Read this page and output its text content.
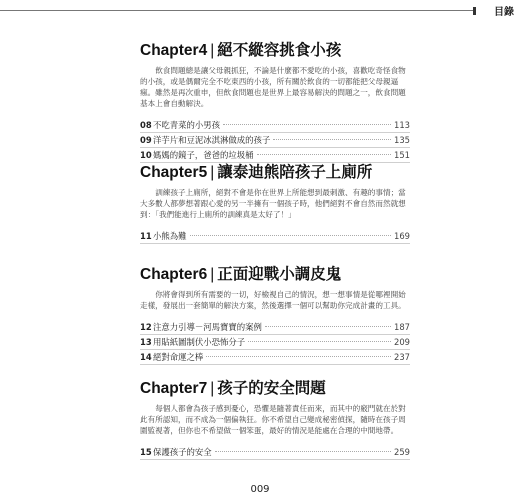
目錄
Chapter4 | 絕不縱容挑食小孩
飲食問題總是讓父母親抓狂，不論是什麼都不愛吃的小孩，喜歡吃奇怪食物的小孩，或是偶爾完全不吃東西的小孩，所有關於飲食的一切都能把父母親逼瘋。雖然是再次重申，但飲食問題也是世界上最容易解決的問題之一，飲食問題基本上會自動解決。
08 不吃青菜的小男孩	113
09 洋芋片和豆泥冰淇淋做成的孩子	135
10 媽媽的鏡子，爸爸的垃圾桶	151
Chapter5 | 讓泰迪熊陪孩子上廁所
訓練孩子上廁所，絕對不會是你在世界上所能想到最刺激、有趣的事情；當大多數人都夢想著跟心愛的另一半擁有一個孩子時，他們絕對不會自然而然就想到：「我們能進行上廁所的訓練真是太好了！」
11 小熊為難	169
Chapter6 | 正面迎戰小調皮鬼
你將會得到所有需要的一切，好檢視自己的情況，想一想事情是從哪裡開始走樣，發展出一套簡單的解決方案，然後選擇一個可以幫助你完成計畫的工具。
12 注意力引導－河馬寶寶的案例	187
13 用貼紙圖制伏小恐怖分子	209
14 絕對命運之棒	237
Chapter7 | 孩子的安全問題
每個人都會為孩子感到憂心，恐懼是隨著責任而來，而其中的竅門就在於對此有所認知，而不成為一個偏執狂。你不希望自己變成秘密偵探，隨時在孩子周圍監視著，但你也不希望做一個笨蛋，最好的情況是能處在合理的中間地帶。
15 保護孩子的安全	259
009
